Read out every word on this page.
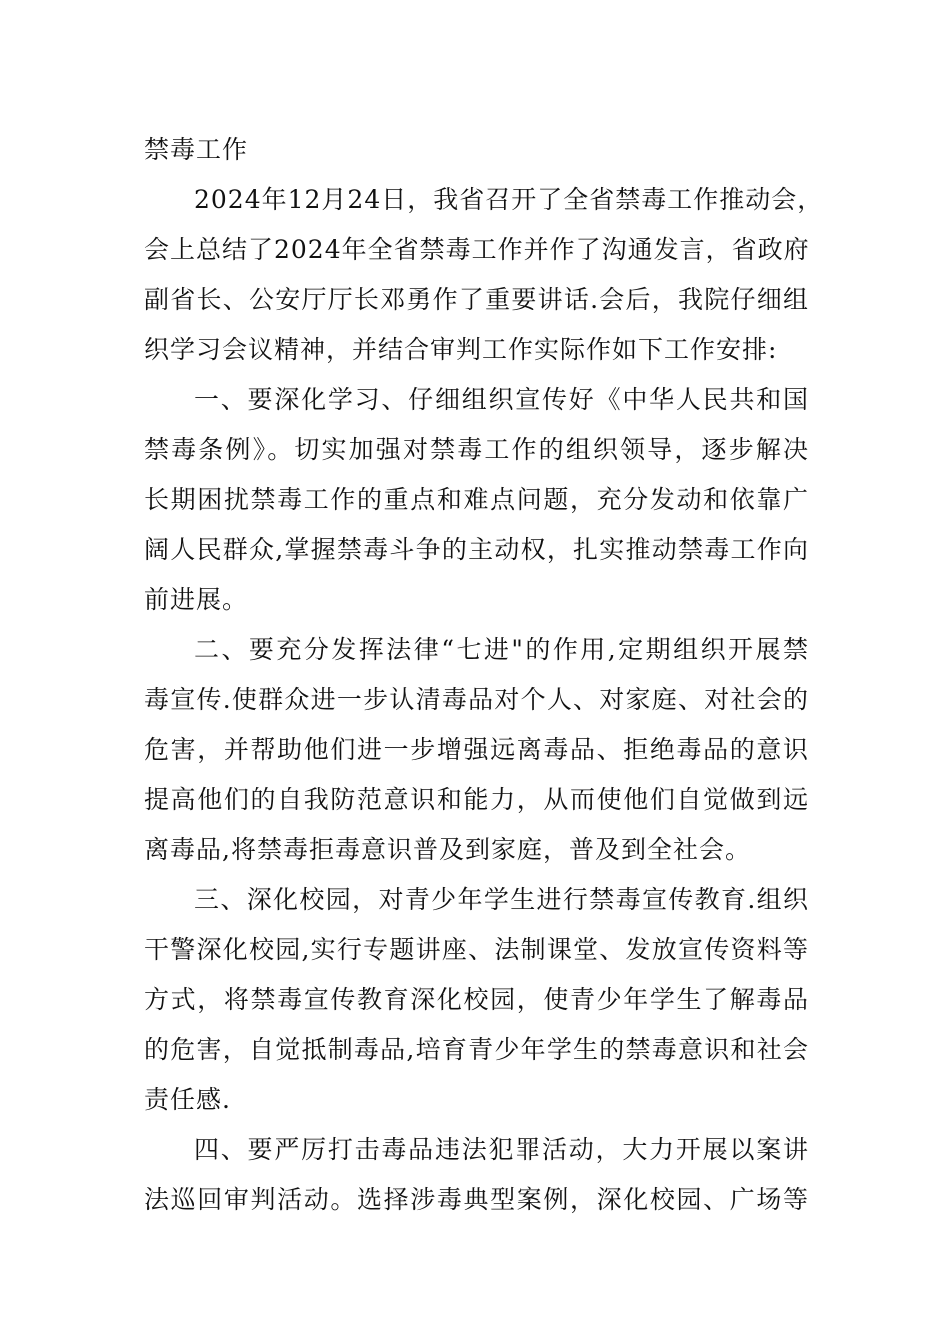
禁毒工作
2024年12月24日，我省召开了全省禁毒工作推动会，
会上总结了2024年全省禁毒工作并作了沟通发言，省政府
副省长、公安厅厅长邓勇作了重要讲话.会后，我院仔细组
织学习会议精神，并结合审判工作实际作如下工作安排:
一、要深化学习、仔细组织宣传好《中华人民共和国
禁毒条例》。切实加强对禁毒工作的组织领导，逐步解决
长期困扰禁毒工作的重点和难点问题，充分发动和依靠广
阔人民群众,掌握禁毒斗争的主动权，扎实推动禁毒工作向
前进展。
二、要充分发挥法律“七进"的作用,定期组织开展禁
毒宣传.使群众进一步认清毒品对个人、对家庭、对社会的
危害，并帮助他们进一步增强远离毒品、拒绝毒品的意识
提高他们的自我防范意识和能力，从而使他们自觉做到远
离毒品,将禁毒拒毒意识普及到家庭，普及到全社会。
三、深化校园，对青少年学生进行禁毒宣传教育.组织
干警深化校园,实行专题讲座、法制课堂、发放宣传资料等
方式，将禁毒宣传教育深化校园，使青少年学生了解毒品
的危害，自觉抵制毒品,培育青少年学生的禁毒意识和社会
责任感.
四、要严厉打击毒品违法犯罪活动，大力开展以案讲
法巡回审判活动。选择涉毒典型案例，深化校园、广场等
